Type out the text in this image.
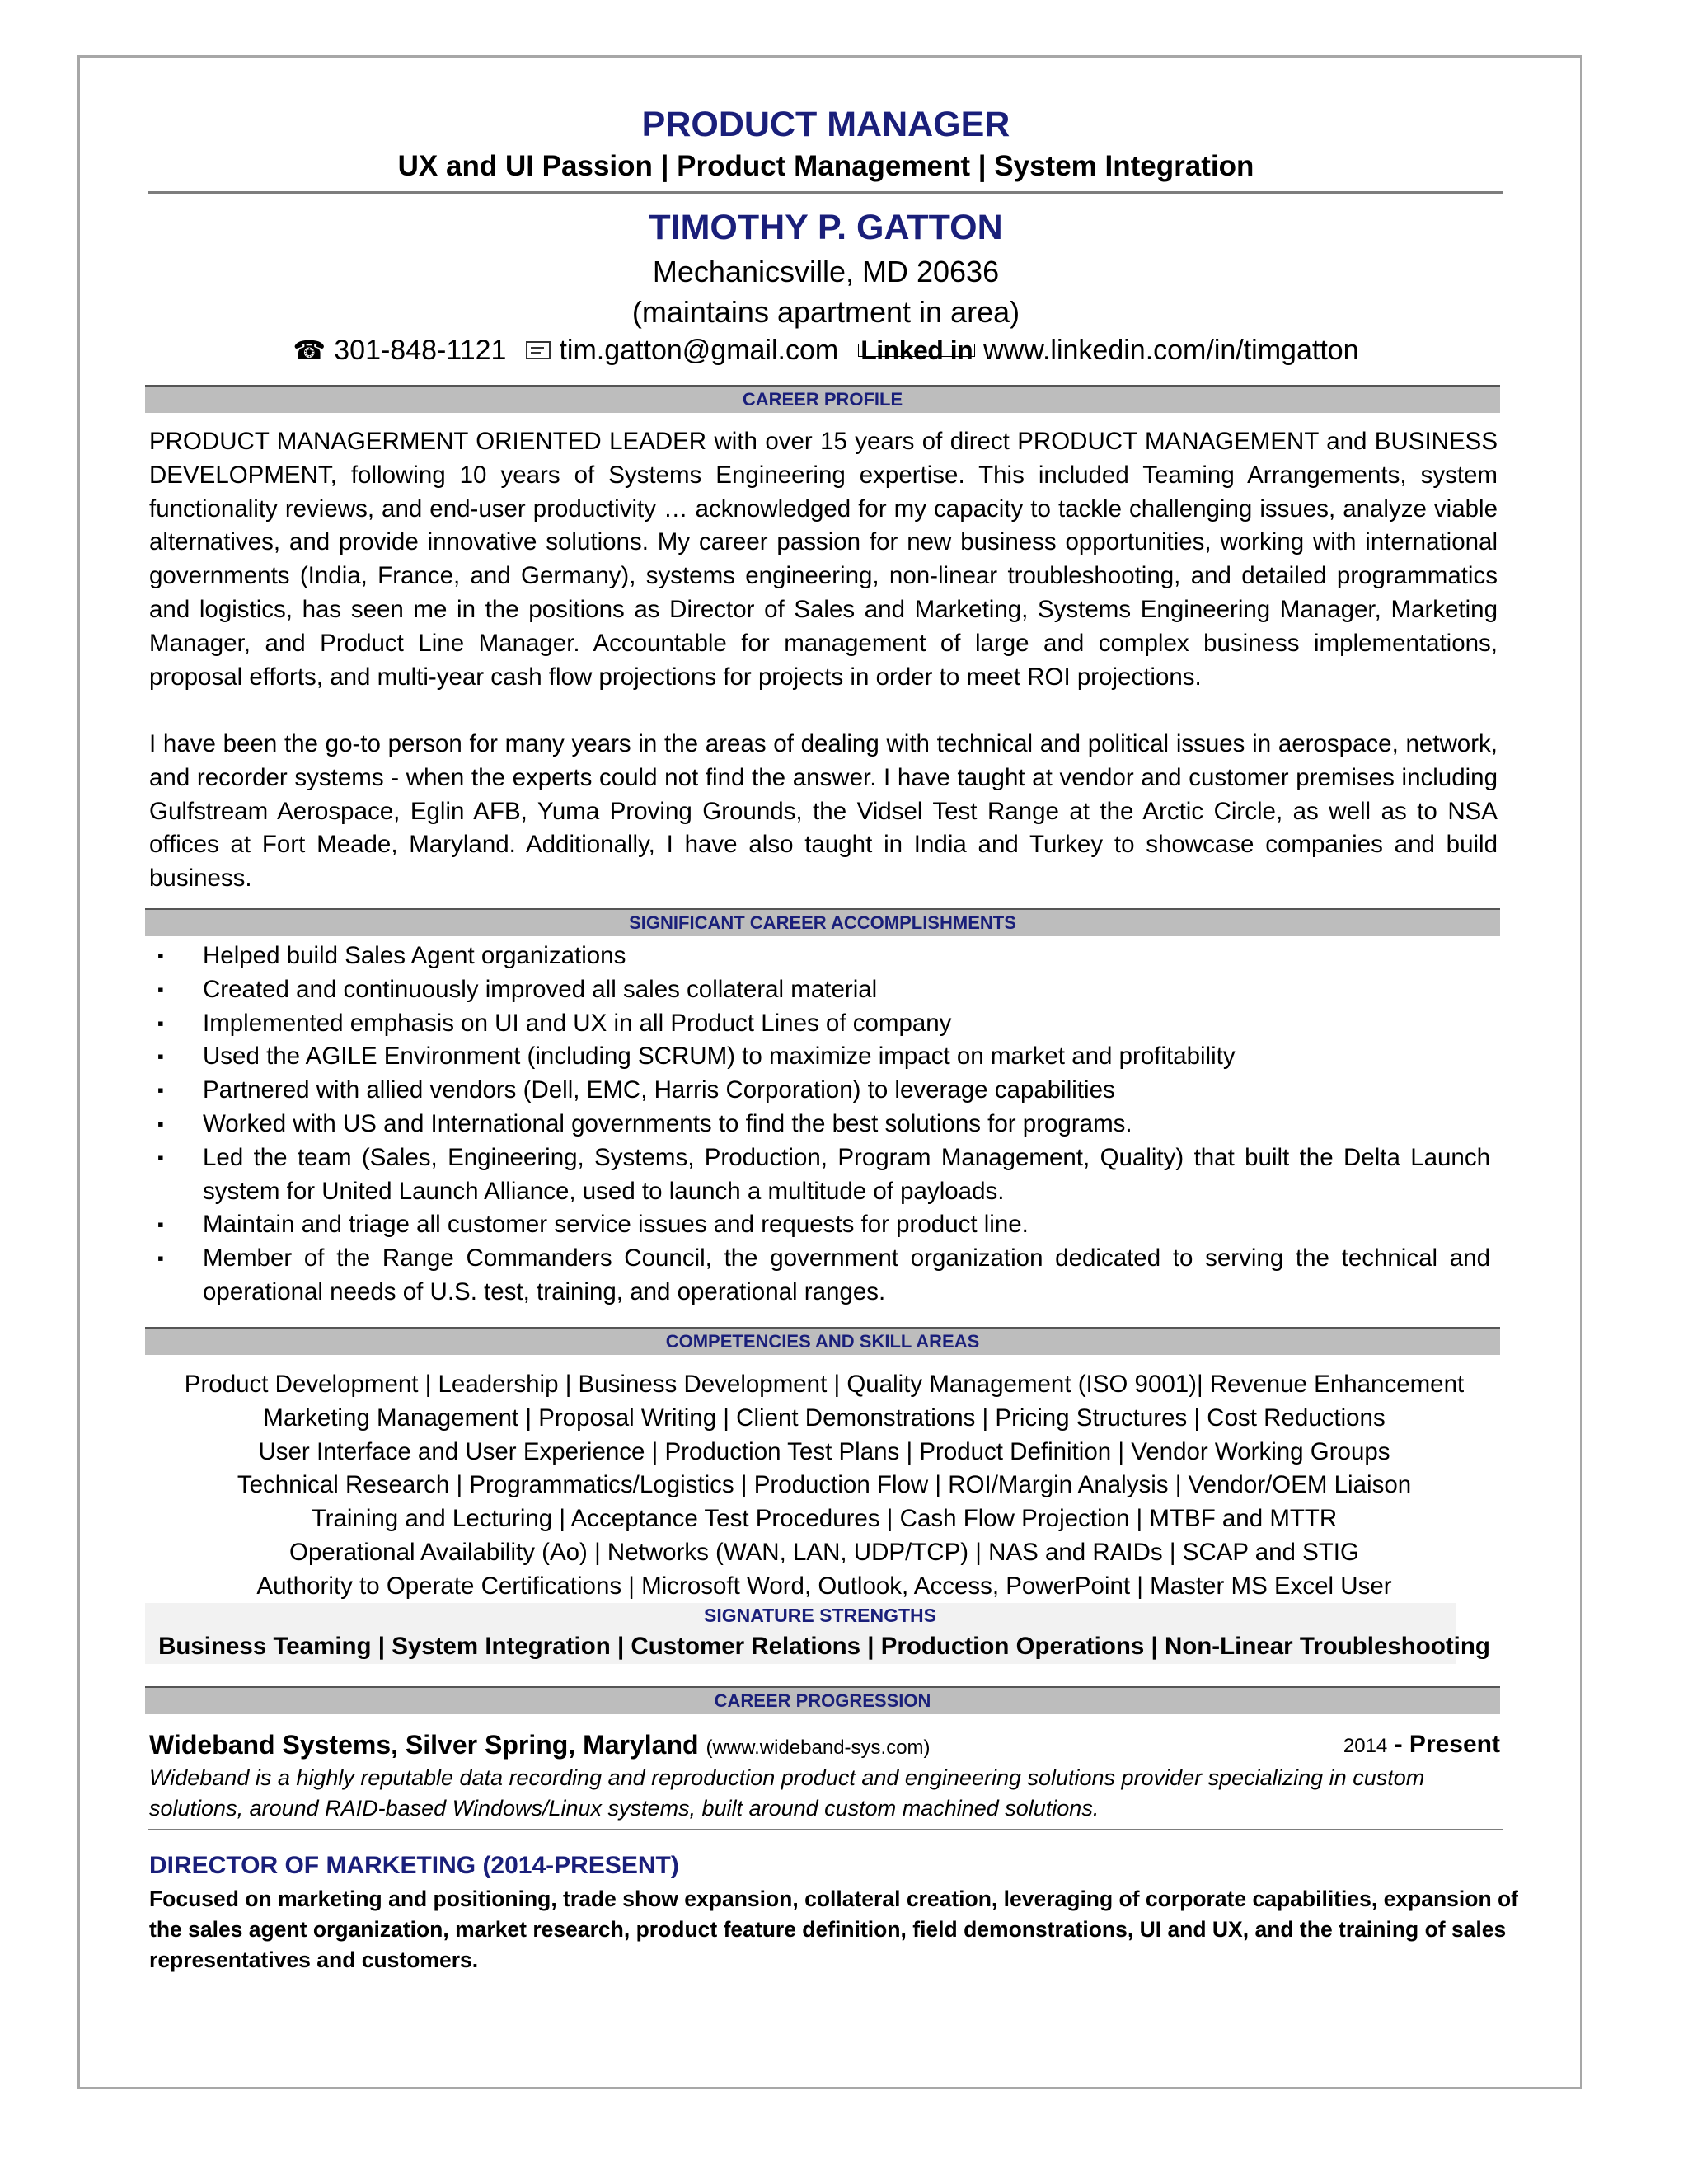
PRODUCT MANAGER
UX and UI Passion | Product Management | System Integration
TIMOTHY P. GATTON
Mechanicsville, MD 20636
(maintains apartment in area)
☎ 301-848-1121 tim.gatton@gmail.com Linked in www.linkedin.com/in/timgatton
CAREER PROFILE
PRODUCT MANAGERMENT ORIENTED LEADER with over 15 years of direct PRODUCT MANAGEMENT and BUSINESS DEVELOPMENT, following 10 years of Systems Engineering expertise. This included Teaming Arrangements, system functionality reviews, and end-user productivity … acknowledged for my capacity to tackle challenging issues, analyze viable alternatives, and provide innovative solutions. My career passion for new business opportunities, working with international governments (India, France, and Germany), systems engineering, non-linear troubleshooting, and detailed programmatics and logistics, has seen me in the positions as Director of Sales and Marketing, Systems Engineering Manager, Marketing Manager, and Product Line Manager. Accountable for management of large and complex business implementations, proposal efforts, and multi-year cash flow projections for projects in order to meet ROI projections.
I have been the go-to person for many years in the areas of dealing with technical and political issues in aerospace, network, and recorder systems - when the experts could not find the answer. I have taught at vendor and customer premises including Gulfstream Aerospace, Eglin AFB, Yuma Proving Grounds, the Vidsel Test Range at the Arctic Circle, as well as to NSA offices at Fort Meade, Maryland. Additionally, I have also taught in India and Turkey to showcase companies and build business.
SIGNIFICANT CAREER ACCOMPLISHMENTS
▪ Helped build Sales Agent organizations
▪ Created and continuously improved all sales collateral material
▪ Implemented emphasis on UI and UX in all Product Lines of company
▪ Used the AGILE Environment (including SCRUM) to maximize impact on market and profitability
▪ Partnered with allied vendors (Dell, EMC, Harris Corporation) to leverage capabilities
▪ Worked with US and International governments to find the best solutions for programs.
▪ Led the team (Sales, Engineering, Systems, Production, Program Management, Quality) that built the Delta Launch system for United Launch Alliance, used to launch a multitude of payloads.
▪ Maintain and triage all customer service issues and requests for product line.
▪ Member of the Range Commanders Council, the government organization dedicated to serving the technical and operational needs of U.S. test, training, and operational ranges.
COMPETENCIES AND SKILL AREAS
Product Development | Leadership | Business Development | Quality Management (ISO 9001)| Revenue Enhancement
Marketing Management | Proposal Writing | Client Demonstrations | Pricing Structures | Cost Reductions
User Interface and User Experience | Production Test Plans | Product Definition | Vendor Working Groups
Technical Research | Programmatics/Logistics | Production Flow | ROI/Margin Analysis | Vendor/OEM Liaison
Training and Lecturing | Acceptance Test Procedures | Cash Flow Projection | MTBF and MTTR
Operational Availability (Ao) | Networks (WAN, LAN, UDP/TCP) | NAS and RAIDs | SCAP and STIG
Authority to Operate Certifications | Microsoft Word, Outlook, Access, PowerPoint | Master MS Excel User
SIGNATURE STRENGTHS
Business Teaming | System Integration | Customer Relations | Production Operations | Non-Linear Troubleshooting
CAREER PROGRESSION
Wideband Systems, Silver Spring, Maryland (www.wideband-sys.com)	2014 - Present
Wideband is a highly reputable data recording and reproduction product and engineering solutions provider specializing in custom solutions, around RAID-based Windows/Linux systems, built around custom machined solutions.
DIRECTOR OF MARKETING (2014-PRESENT)
Focused on marketing and positioning, trade show expansion, collateral creation, leveraging of corporate capabilities, expansion of the sales agent organization, market research, product feature definition, field demonstrations, UI and UX, and the training of sales representatives and customers.
